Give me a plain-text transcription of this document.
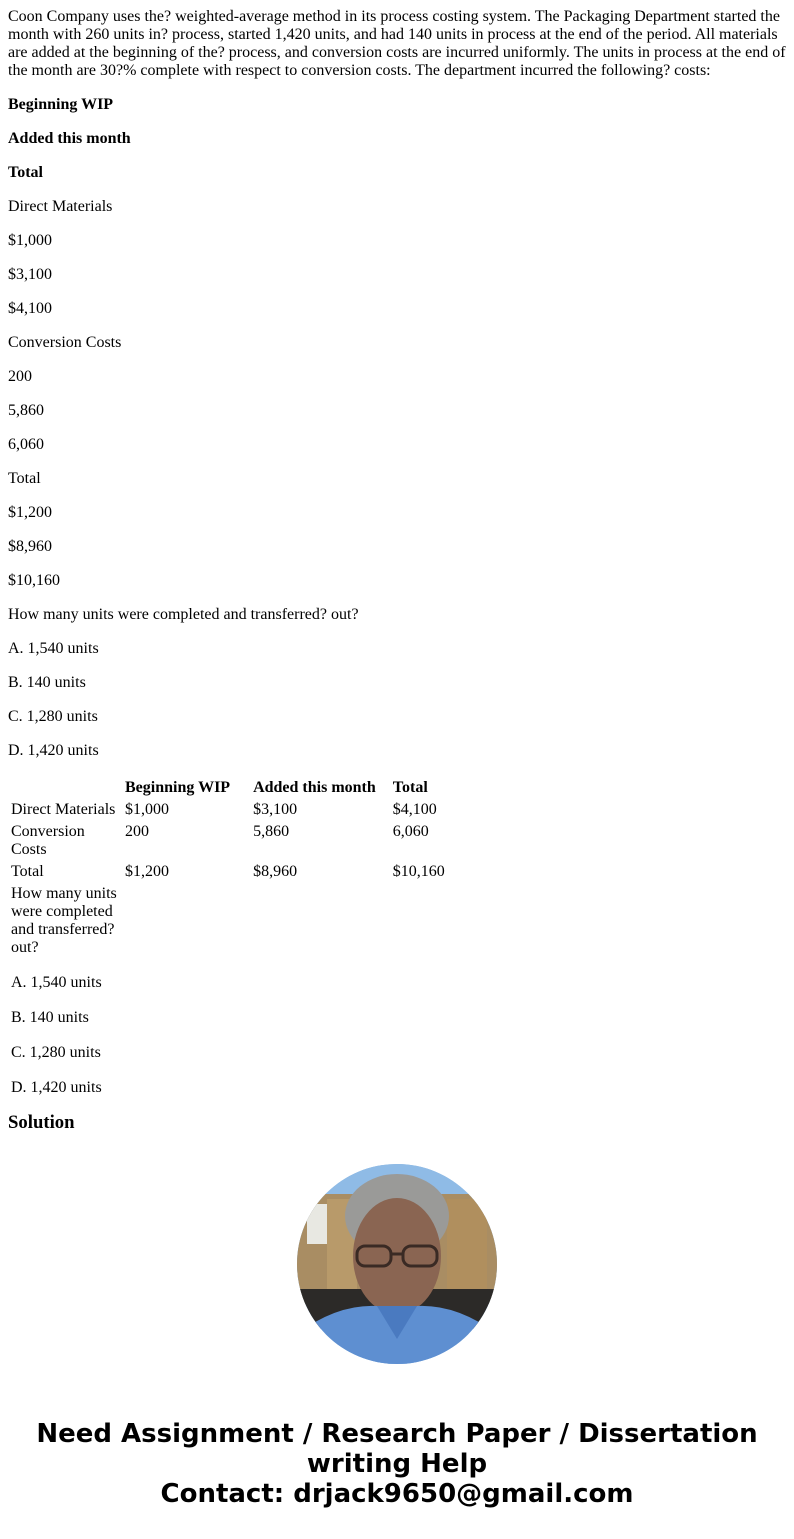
Coon Company uses the? weighted-average method in its process costing system. The Packaging Department started the month with 260 units in? process, started 1,420 units, and had 140 units in process at the end of the period. All materials are added at the beginning of the? process, and conversion costs are incurred uniformly. The units in process at the end of the month are 30?% complete with respect to conversion costs. The department incurred the following? costs:

Beginning WIP

Added this month

Total

Direct Materials

$1,000

$3,100

$4,100

Conversion Costs

200

5,860

6,060

Total

$1,200

$8,960

$10,160

How many units were completed and transferred? out?

A. 1,540 units

B. 140 units

C. 1,280 units

D. 1,420 units

	Beginning WIP	Added this month	Total
Direct Materials	$1,000	$3,100	$4,100
Conversion Costs	200	5,860	6,060
Total	$1,200	$8,960	$10,160
How many units were completed and transferred? out?			
A. 1,540 units			
B. 140 units			
C. 1,280 units			
D. 1,420 units			
Solution
Need Assignment / Research Paper / Dissertation
writing Help
Contact: drjack9650@gmail.com
